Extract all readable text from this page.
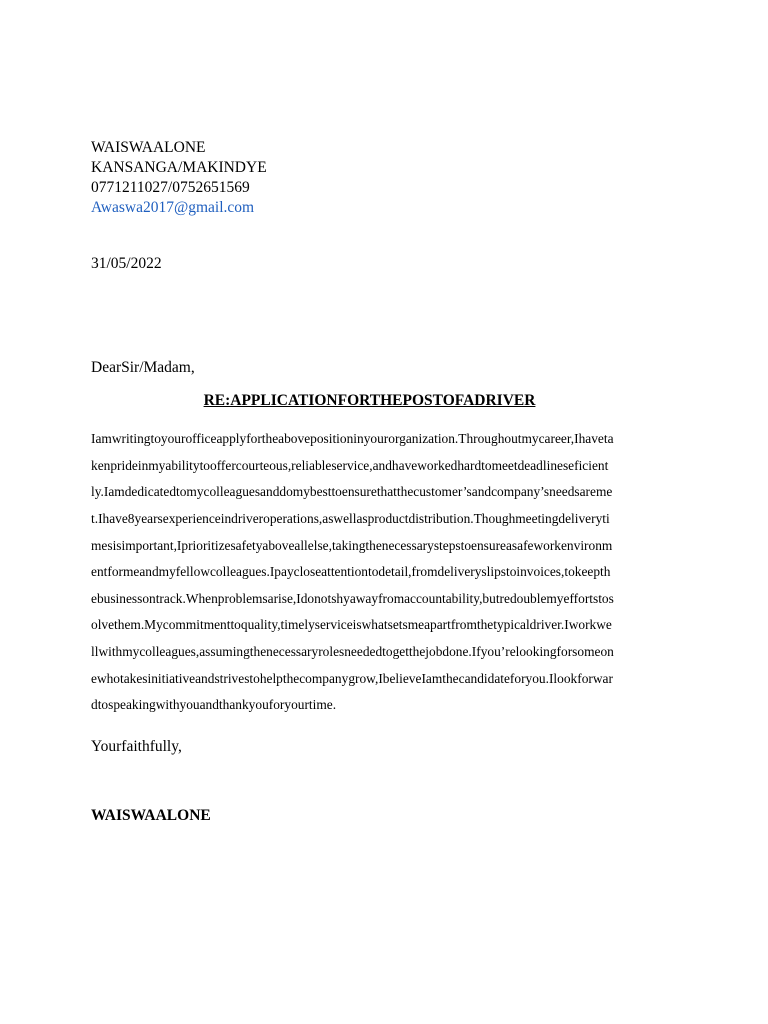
WAISWAALONE
KANSANGA/MAKINDYE
0771211027/0752651569
Awaswa2017@gmail.com
31/05/2022
DearSir/Madam,
RE:APPLICATIONFORTHEPOSTOFADRIVER
Iamwritingtoyourofficeapplyfortheabovepositioninyourorganization.Throughoutmycareer,Ihaveta
kenprideinmyabilitytooffercourteous,reliableservice,andhaveworkedhardtomeetdeadlineseficient
ly.Iamdedicatedtomycolleaguesanddomybesttoensurethatthecustomer’sandcompany’sneedsareme
t.Ihave8yearsexperienceindriveroperations,aswellasproductdistribution.Thoughmeetingdeliveryti
mesisimportant,Iprioritizesafetyaboveallelse,takingthenecessarystepstoensureasafeworkenvironm
entformeandmyfellowcolleagues.Ipaycloseattentiontodetail,fromdeliveryslipstoinvoices,tokeepth
ebusinessontrack.Whenproblemsarise,Idonotshyawayfromaccountability,butredoublemyeffortstos
olvethem.Mycommitmenttoquality,timelyserviceiswhatsetsmeapartfromthetypicaldriver.Iworkwe
llwithmycolleagues,assumingthenecessaryrolesneededtogetthejobdone.Ifyou’relookingforsomeon
ewhotakesinitiativeandstrivestohelpthecompanygrow,IbelieveIamthecandidateforyou.Ilookforwar
dtospeakingwithyouandthankyouforyourtime.
Yourfaithfully,
WAISWAALONE
